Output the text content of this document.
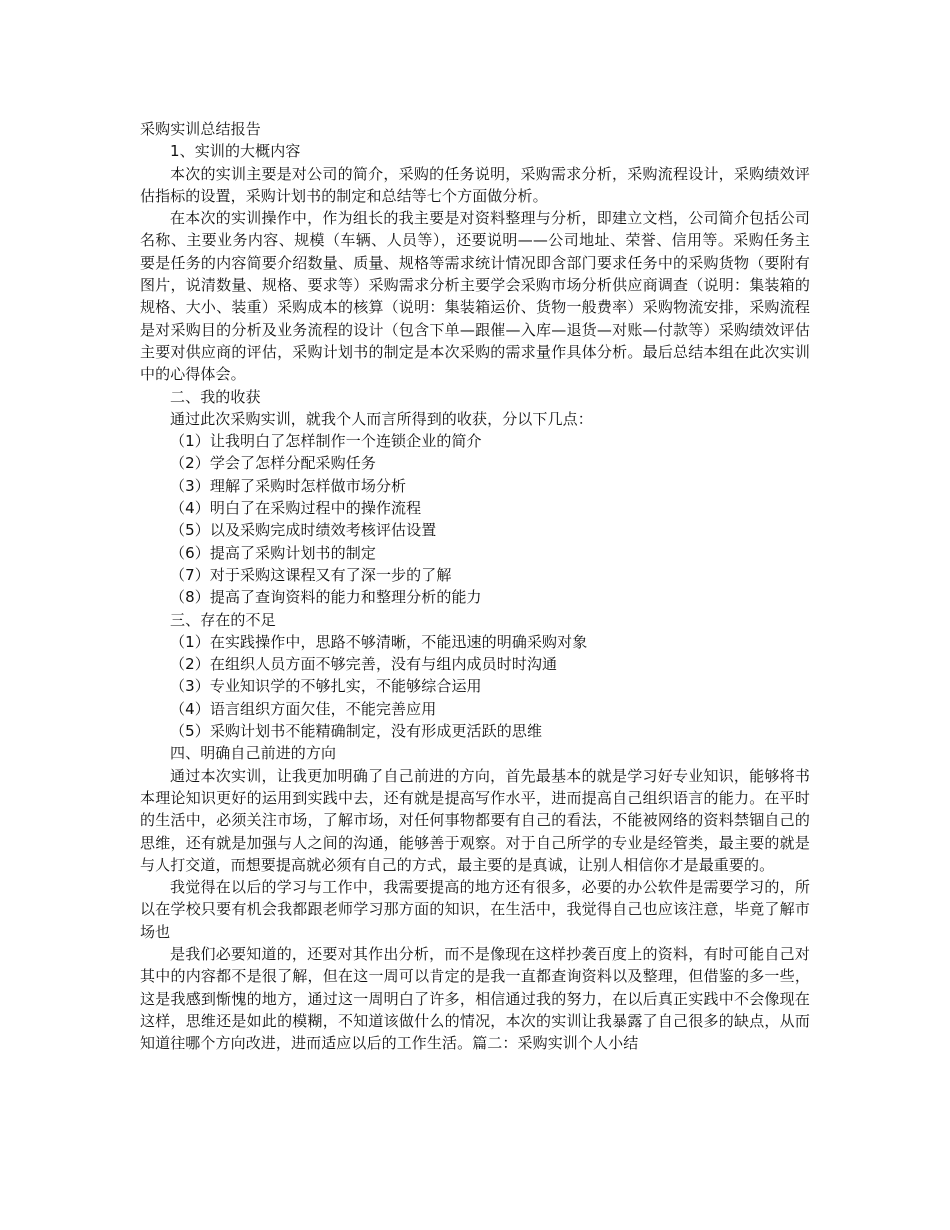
采购实训总结报告
1、实训的大概内容

本次的实训主要是对公司的简介，采购的任务说明，采购需求分析，采购流程设计，采购绩效评估指标的设置，采购计划书的制定和总结等七个方面做分析。

在本次的实训操作中，作为组长的我主要是对资料整理与分析，即建立文档，公司简介包括公司名称、主要业务内容、规模（车辆、人员等），还要说明——公司地址、荣誉、信用等。采购任务主要是任务的内容简要介绍数量、质量、规格等需求统计情况即含部门要求任务中的采购货物（要附有图片，说清数量、规格、要求等）采购需求分析主要学会采购市场分析供应商调查（说明：集装箱的规格、大小、装重）采购成本的核算（说明：集装箱运价、货物一般费率）采购物流安排，采购流程是对采购目的分析及业务流程的设计（包含下单—跟催—入库—退货—对账—付款等）采购绩效评估主要对供应商的评估，采购计划书的制定是本次采购的需求量作具体分析。最后总结本组在此次实训中的心得体会。

二、我的收获
通过此次采购实训，就我个人而言所得到的收获，分以下几点：
（1）让我明白了怎样制作一个连锁企业的简介
（2）学会了怎样分配采购任务
（3）理解了采购时怎样做市场分析
（4）明白了在采购过程中的操作流程
（5）以及采购完成时绩效考核评估设置
（6）提高了采购计划书的制定
（7）对于采购这课程又有了深一步的了解
（8）提高了查询资料的能力和整理分析的能力
三、存在的不足
（1）在实践操作中，思路不够清晰，不能迅速的明确采购对象
（2）在组织人员方面不够完善，没有与组内成员时时沟通
（3）专业知识学的不够扎实，不能够综合运用
（4）语言组织方面欠佳，不能完善应用
（5）采购计划书不能精确制定，没有形成更活跃的思维
四、明确自己前进的方向

通过本次实训，让我更加明确了自己前进的方向，首先最基本的就是学习好专业知识，能够将书本理论知识更好的运用到实践中去，还有就是提高写作水平，进而提高自己组织语言的能力。在平时的生活中，必须关注市场，了解市场，对任何事物都要有自己的看法，不能被网络的资料禁锢自己的思维，还有就是加强与人之间的沟通，能够善于观察。对于自己所学的专业是经管类，最主要的就是与人打交道，而想要提高就必须有自己的方式，最主要的是真诚，让别人相信你才是最重要的。

我觉得在以后的学习与工作中，我需要提高的地方还有很多，必要的办公软件是需要学习的，所以在学校只要有机会我都跟老师学习那方面的知识，在生活中，我觉得自己也应该注意，毕竟了解市场也

是我们必要知道的，还要对其作出分析，而不是像现在这样抄袭百度上的资料，有时可能自己对其中的内容都不是很了解，但在这一周可以肯定的是我一直都查询资料以及整理，但借鉴的多一些，这是我感到惭愧的地方，通过这一周明白了许多，相信通过我的努力，在以后真正实践中不会像现在这样，思维还是如此的模糊，不知道该做什么的情况，本次的实训让我暴露了自己很多的缺点，从而知道往哪个方向改进，进而适应以后的工作生活。篇二：采购实训个人小结
